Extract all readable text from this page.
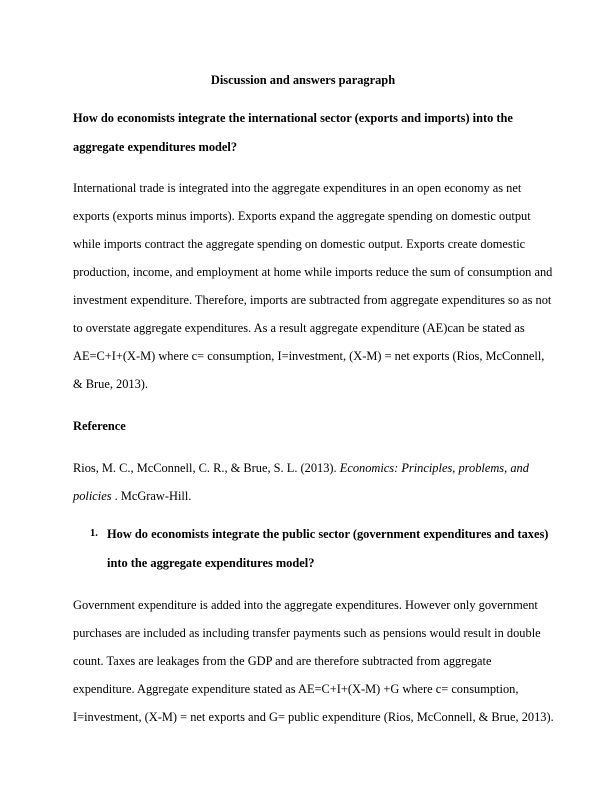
Discussion and answers paragraph
How do economists integrate the international sector (exports and imports) into the
aggregate expenditures model?
International trade is integrated into the aggregate expenditures in an open economy as net
exports (exports minus imports). Exports expand the aggregate spending on domestic output
while imports contract the aggregate spending on domestic output. Exports create domestic
production, income, and employment at home while imports reduce the sum of consumption and
investment expenditure. Therefore, imports are subtracted from aggregate expenditures so as not
to overstate aggregate expenditures. As a result aggregate expenditure (AE)can be stated as
AE=C+I+(X-M) where c= consumption, I=investment, (X-M) = net exports (Rios, McConnell,
& Brue, 2013).
Reference
Rios, M. C., McConnell, C. R., & Brue, S. L. (2013). Economics: Principles, problems, and
policies . McGraw-Hill.
1. How do economists integrate the public sector (government expenditures and taxes)
into the aggregate expenditures model?
Government expenditure is added into the aggregate expenditures. However only government
purchases are included as including transfer payments such as pensions would result in double
count. Taxes are leakages from the GDP and are therefore subtracted from aggregate
expenditure. Aggregate expenditure stated as AE=C+I+(X-M) +G where c= consumption,
I=investment, (X-M) = net exports and G= public expenditure (Rios, McConnell, & Brue, 2013).
